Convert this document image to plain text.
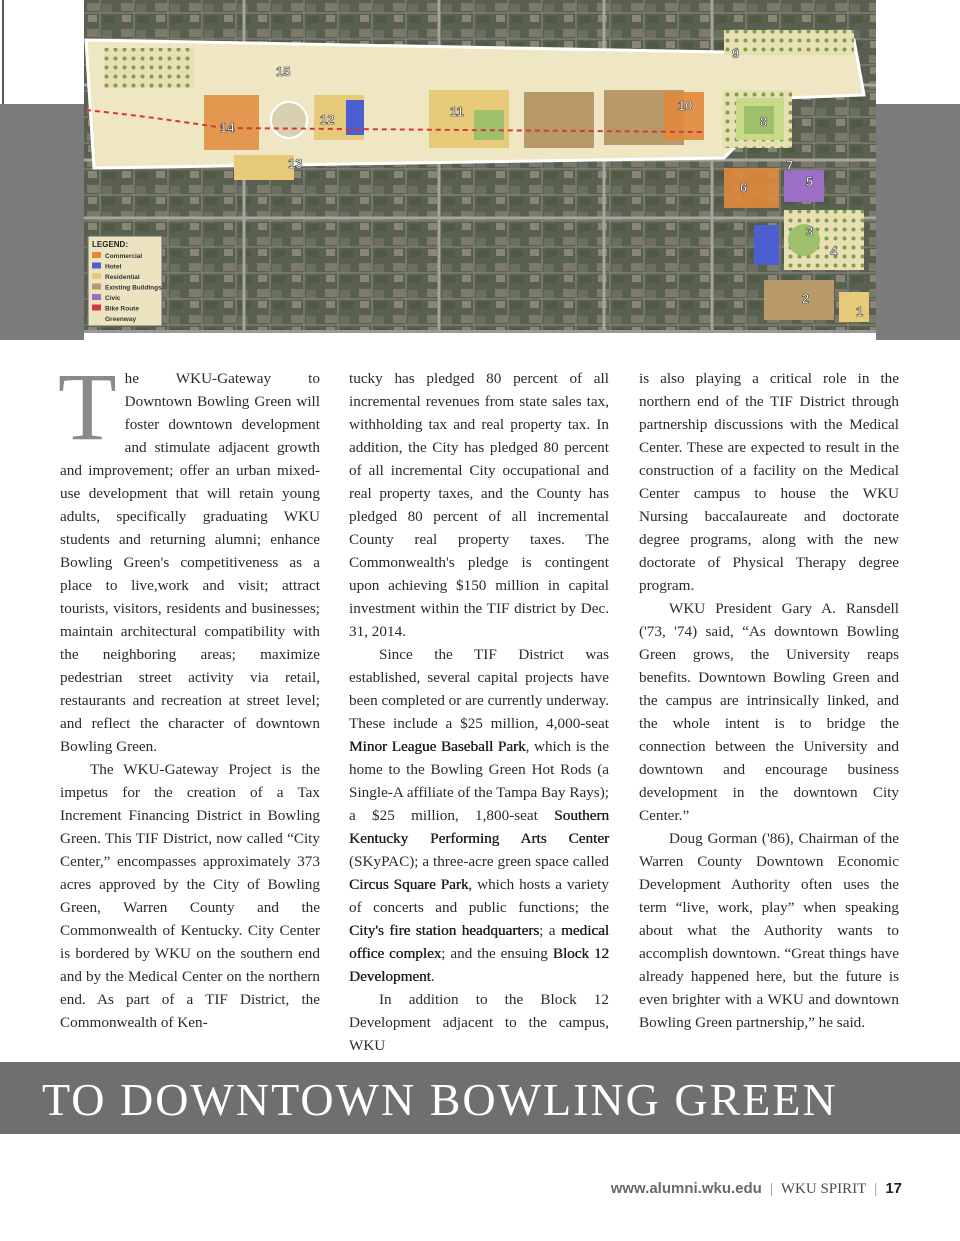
1
2
3
4
5
6
7
8
9
10
11
12
13
14
15
LEGEND:
Commercial
Hotel
Residential
Existing Buildings
Civic
Bike Route
Greenway

The WKU-Gateway to Downtown Bowling Green will foster downtown development and stimulate adjacent growth and improvement; offer an urban mixed-use development that will retain young adults, specifically graduating WKU students and returning alumni; enhance Bowling Green's competitiveness as a place to live,work and visit; attract tourists, visitors, residents and businesses; maintain architectural compatibility with the neighboring areas; maximize pedestrian street activity via retail, restaurants and recreation at street level; and reflect the character of downtown Bowling Green.

The WKU-Gateway Project is the impetus for the creation of a Tax Increment Financing District in Bowling Green. This TIF District, now called “City Center,” encompasses approximately 373 acres approved by the City of Bowling Green, Warren County and the Commonwealth of Kentucky. City Center is bordered by WKU on the southern end and by the Medical Center on the northern end. As part of a TIF District, the Commonwealth of Ken-

tucky has pledged 80 percent of all incremental revenues from state sales tax, withholding tax and real property tax. In addition, the City has pledged 80 percent of all incremental City occupational and real property taxes, and the County has pledged 80 percent of all incremental County real property taxes. The Commonwealth's pledge is contingent upon achieving $150 million in capital investment within the TIF district by Dec. 31, 2014.

Since the TIF District was established, several capital projects have been completed or are currently underway. These include a $25 million, 4,000-seat Minor League Baseball Park, which is the home to the Bowling Green Hot Rods (a Single-A affiliate of the Tampa Bay Rays); a $25 million, 1,800-seat Southern Kentucky Performing Arts Center (SKyPAC); a three-acre green space called Circus Square Park, which hosts a variety of concerts and public functions; the City's fire station headquarters; a medical office complex; and the ensuing Block 12 Development.

In addition to the Block 12 Development adjacent to the campus, WKU

is also playing a critical role in the northern end of the TIF District through partnership discussions with the Medical Center. These are expected to result in the construction of a facility on the Medical Center campus to house the WKU Nursing baccalaureate and doctorate degree programs, along with the new doctorate of Physical Therapy degree program.

WKU President Gary A. Ransdell ('73, '74) said, “As downtown Bowling Green grows, the University reaps benefits. Downtown Bowling Green and the campus are intrinsically linked, and the whole intent is to bridge the connection between the University and downtown and encourage business development in the downtown City Center.”

Doug Gorman ('86), Chairman of the Warren County Downtown Economic Development Authority often uses the term “live, work, play” when speaking about what the Authority wants to accomplish downtown. “Great things have already happened here, but the future is even brighter with a WKU and downtown Bowling Green partnership,” he said.

TO DOWNTOWN BOWLING GREEN
www.alumni.wku.edu | WKU SPIRIT | 17
